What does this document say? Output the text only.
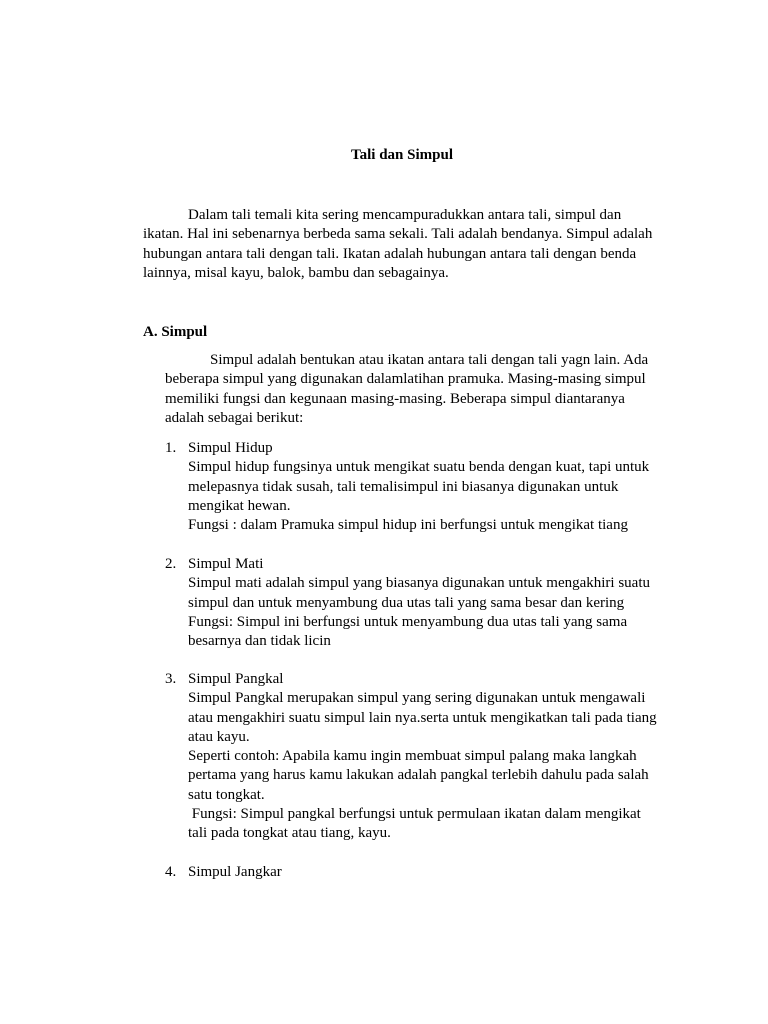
Tali dan Simpul

Dalam tali temali kita sering mencampuradukkan antara tali, simpul dan ikatan. Hal ini sebenarnya berbeda sama sekali. Tali adalah bendanya. Simpul adalah hubungan antara tali dengan tali. Ikatan adalah hubungan antara tali dengan benda lainnya, misal kayu, balok, bambu dan sebagainya.

A. Simpul

Simpul adalah bentukan atau ikatan antara tali dengan tali yagn lain. Ada beberapa simpul yang digunakan dalamlatihan pramuka. Masing-masing simpul memiliki fungsi dan kegunaan masing-masing. Beberapa simpul diantaranya adalah sebagai berikut:

1. Simpul Hidup
Simpul hidup fungsinya untuk mengikat suatu benda dengan kuat, tapi untuk
melepasnya tidak susah, tali temalisimpul ini biasanya digunakan untuk
mengikat hewan.
Fungsi : dalam Pramuka simpul hidup ini berfungsi untuk mengikat tiang
2. Simpul Mati
Simpul mati adalah simpul yang biasanya digunakan untuk mengakhiri suatu
simpul dan untuk menyambung dua utas tali yang sama besar dan kering
Fungsi: Simpul ini berfungsi untuk menyambung dua utas tali yang sama
besarnya dan tidak licin
3. Simpul Pangkal
Simpul Pangkal merupakan simpul yang sering digunakan untuk mengawali
atau mengakhiri suatu simpul lain nya.serta untuk mengikatkan tali pada tiang
atau kayu.
Seperti contoh: Apabila kamu ingin membuat simpul palang maka langkah
pertama yang harus kamu lakukan adalah pangkal terlebih dahulu pada salah
satu tongkat.
Fungsi: Simpul pangkal berfungsi untuk permulaan ikatan dalam mengikat
tali pada tongkat atau tiang, kayu.
4. Simpul Jangkar
